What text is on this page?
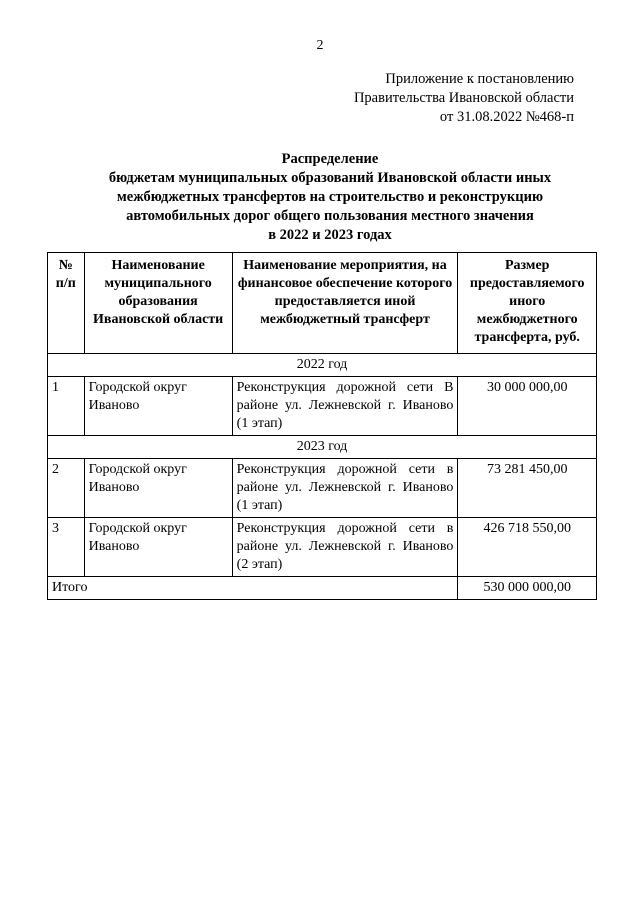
2
Приложение к постановлению
Правительства Ивановской области
от 31.08.2022 №468-п
Распределение
бюджетам муниципальных образований Ивановской области иных
межбюджетных трансфертов на строительство и реконструкцию
автомобильных дорог общего пользования местного значения
в 2022 и 2023 годах
№ п/п	Наименование муниципального образования Ивановской области	Наименование мероприятия, на финансовое обеспечение которого предоставляется иной межбюджетный трансферт	Размер предоставляемого иного межбюджетного трансферта, руб.
2022 год			
1	Городской округ Иваново	Реконструкция дорожной сети В районе ул. Лежневской г. Иваново (1 этап)	30 000 000,00
2023 год			
2	Городской округ Иваново	Реконструкция дорожной сети в районе ул. Лежневской г. Иваново (1 этап)	73 281 450,00
3	Городской округ Иваново	Реконструкция дорожной сети в районе ул. Лежневской г. Иваново (2 этап)	426 718 550,00
Итого			530 000 000,00
